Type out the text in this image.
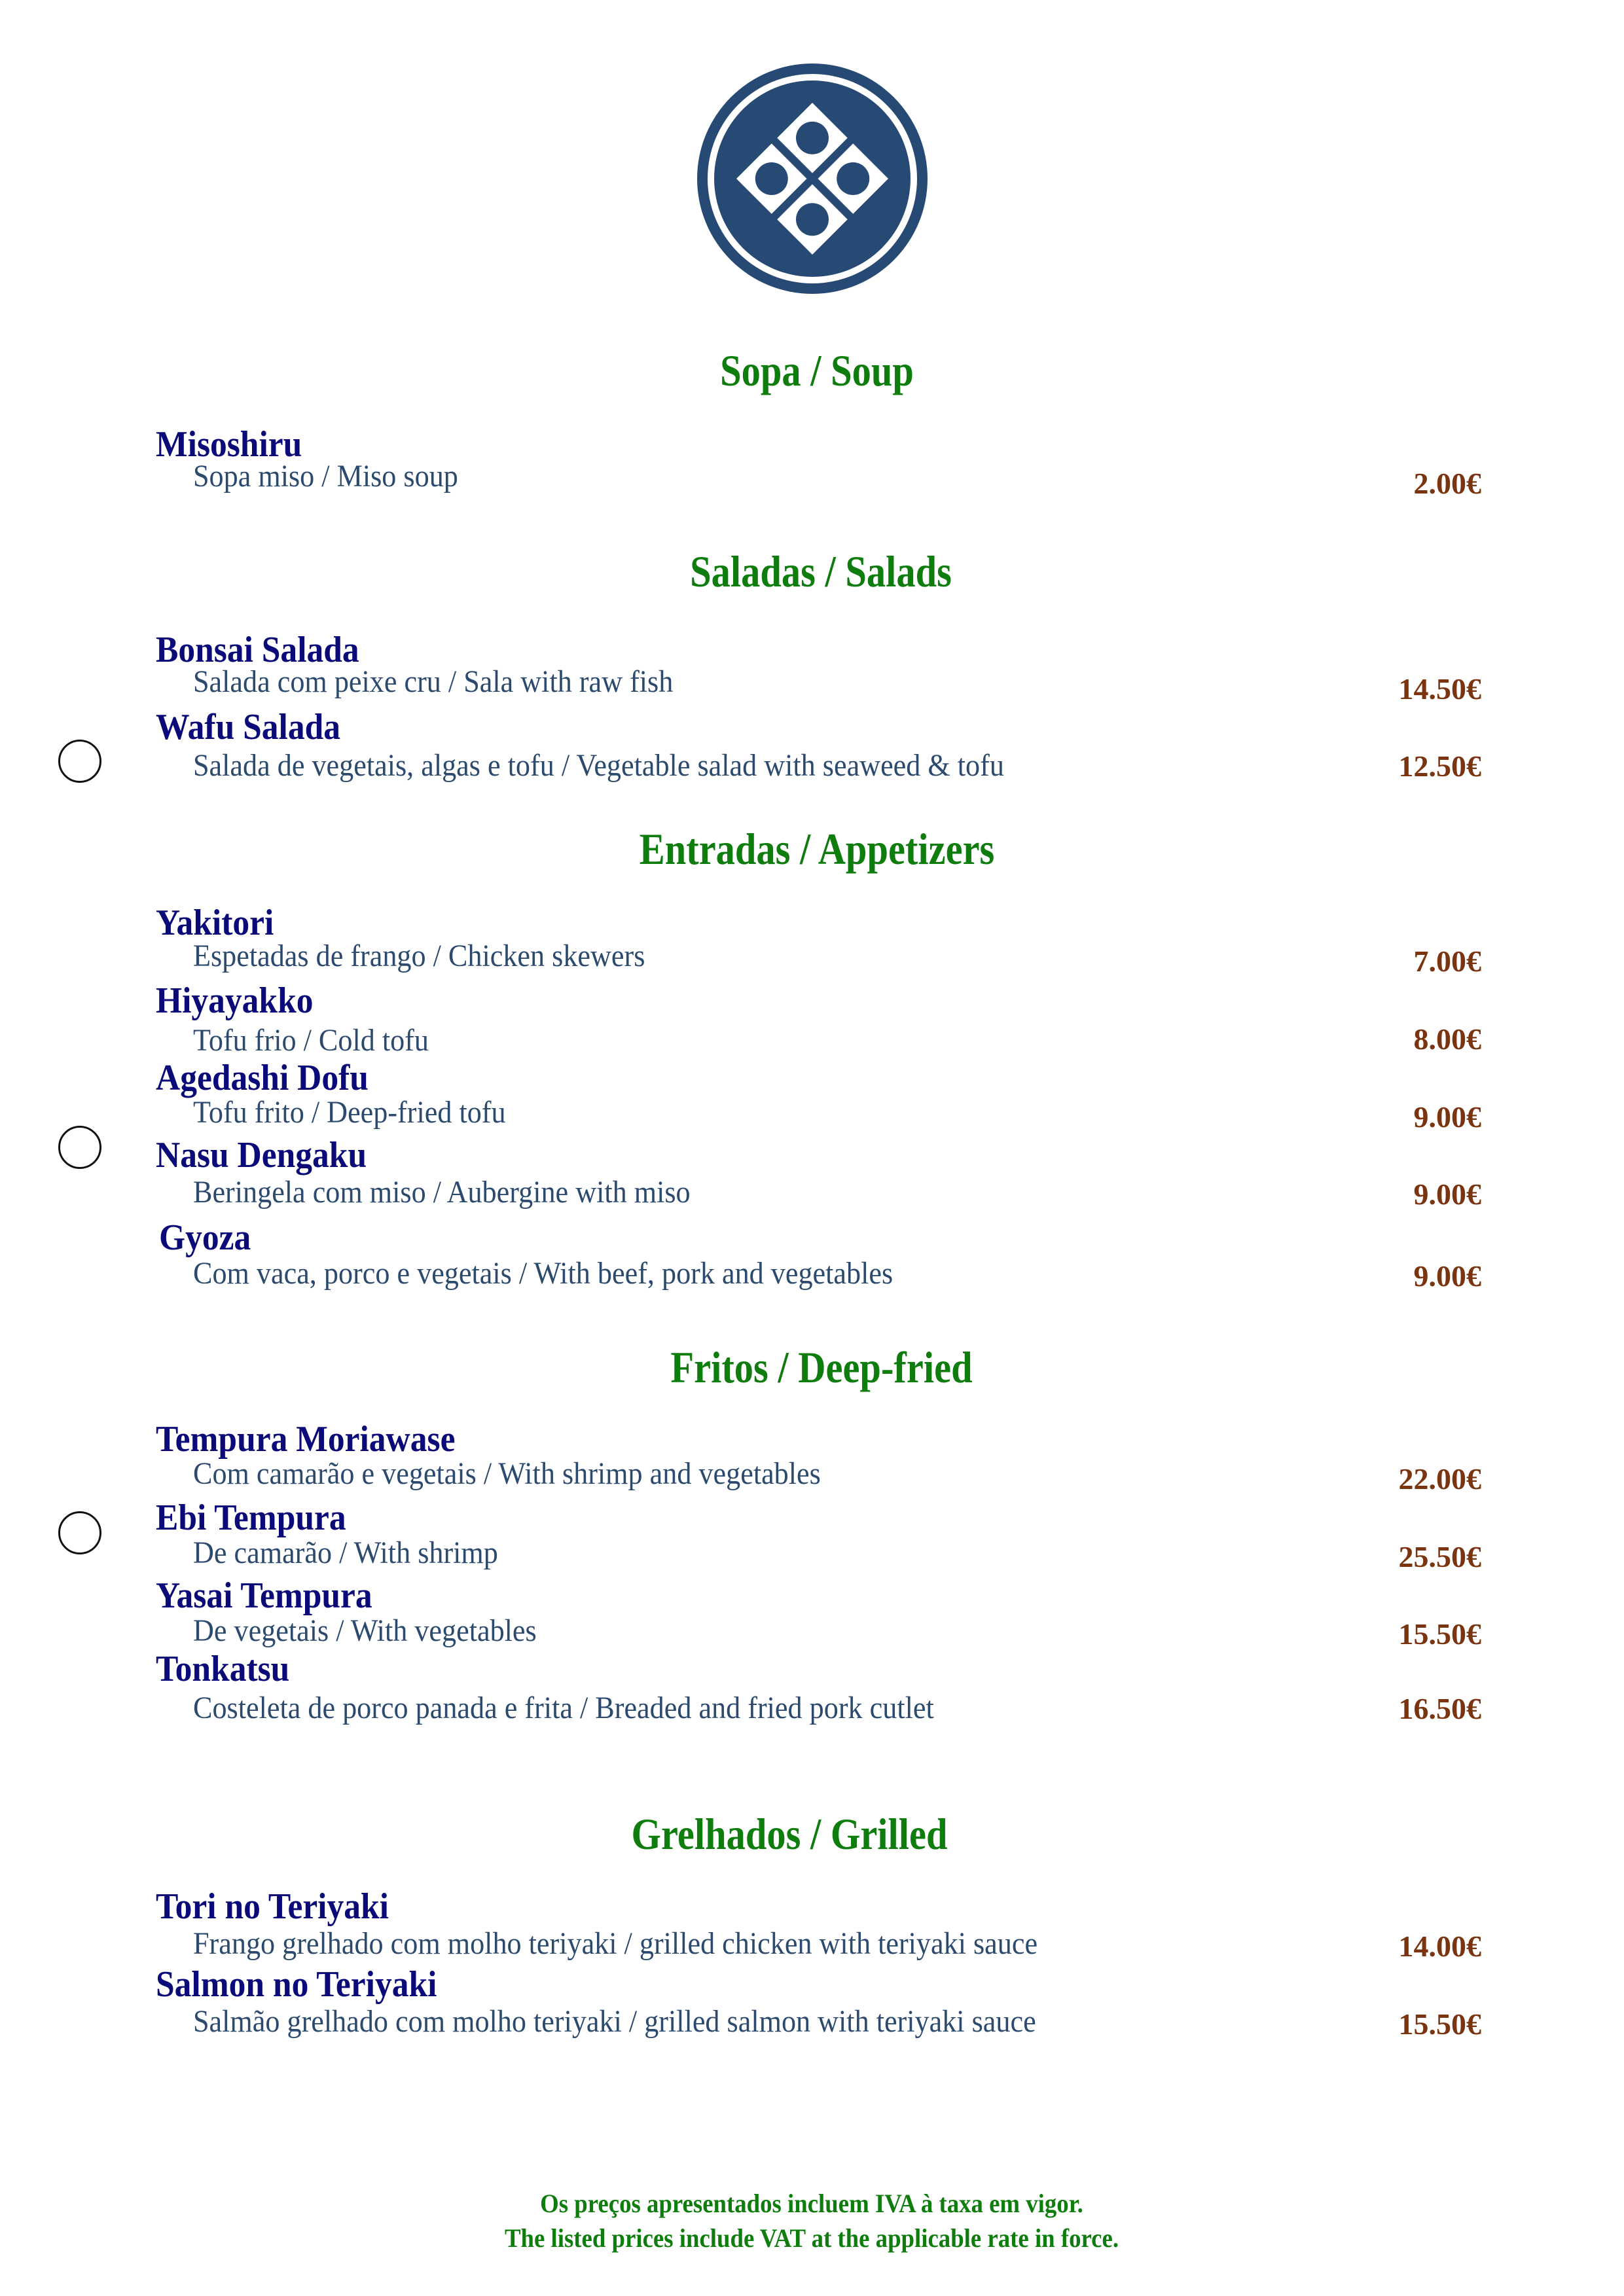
Sopa / Soup
Misoshiru
Sopa miso / Miso soup	2.00€
Saladas / Salads
Bonsai Salada
Salada com peixe cru / Sala with raw fish	14.50€
Wafu Salada
Salada de vegetais, algas e tofu / Vegetable salad with seaweed & tofu	12.50€
Entradas / Appetizers
Yakitori
Espetadas de frango / Chicken skewers	7.00€
Hiyayakko
Tofu frio / Cold tofu	8.00€
Agedashi Dofu
Tofu frito / Deep-fried tofu	9.00€
Nasu Dengaku
Beringela com miso / Aubergine with miso	9.00€
Gyoza
Com vaca, porco e vegetais / With beef, pork and vegetables	9.00€
Fritos / Deep-fried
Tempura Moriawase
Com camarão e vegetais / With shrimp and vegetables	22.00€
Ebi Tempura
De camarão / With shrimp	25.50€
Yasai Tempura
De vegetais / With vegetables	15.50€
Tonkatsu
Costeleta de porco panada e frita / Breaded and fried pork cutlet	16.50€
Grelhados / Grilled
Tori no Teriyaki
Frango grelhado com molho teriyaki / grilled chicken with teriyaki sauce	14.00€
Salmon no Teriyaki
Salmão grelhado com molho teriyaki / grilled salmon with teriyaki sauce	15.50€
Os preços apresentados incluem IVA à taxa em vigor.
The listed prices include VAT at the applicable rate in force.
